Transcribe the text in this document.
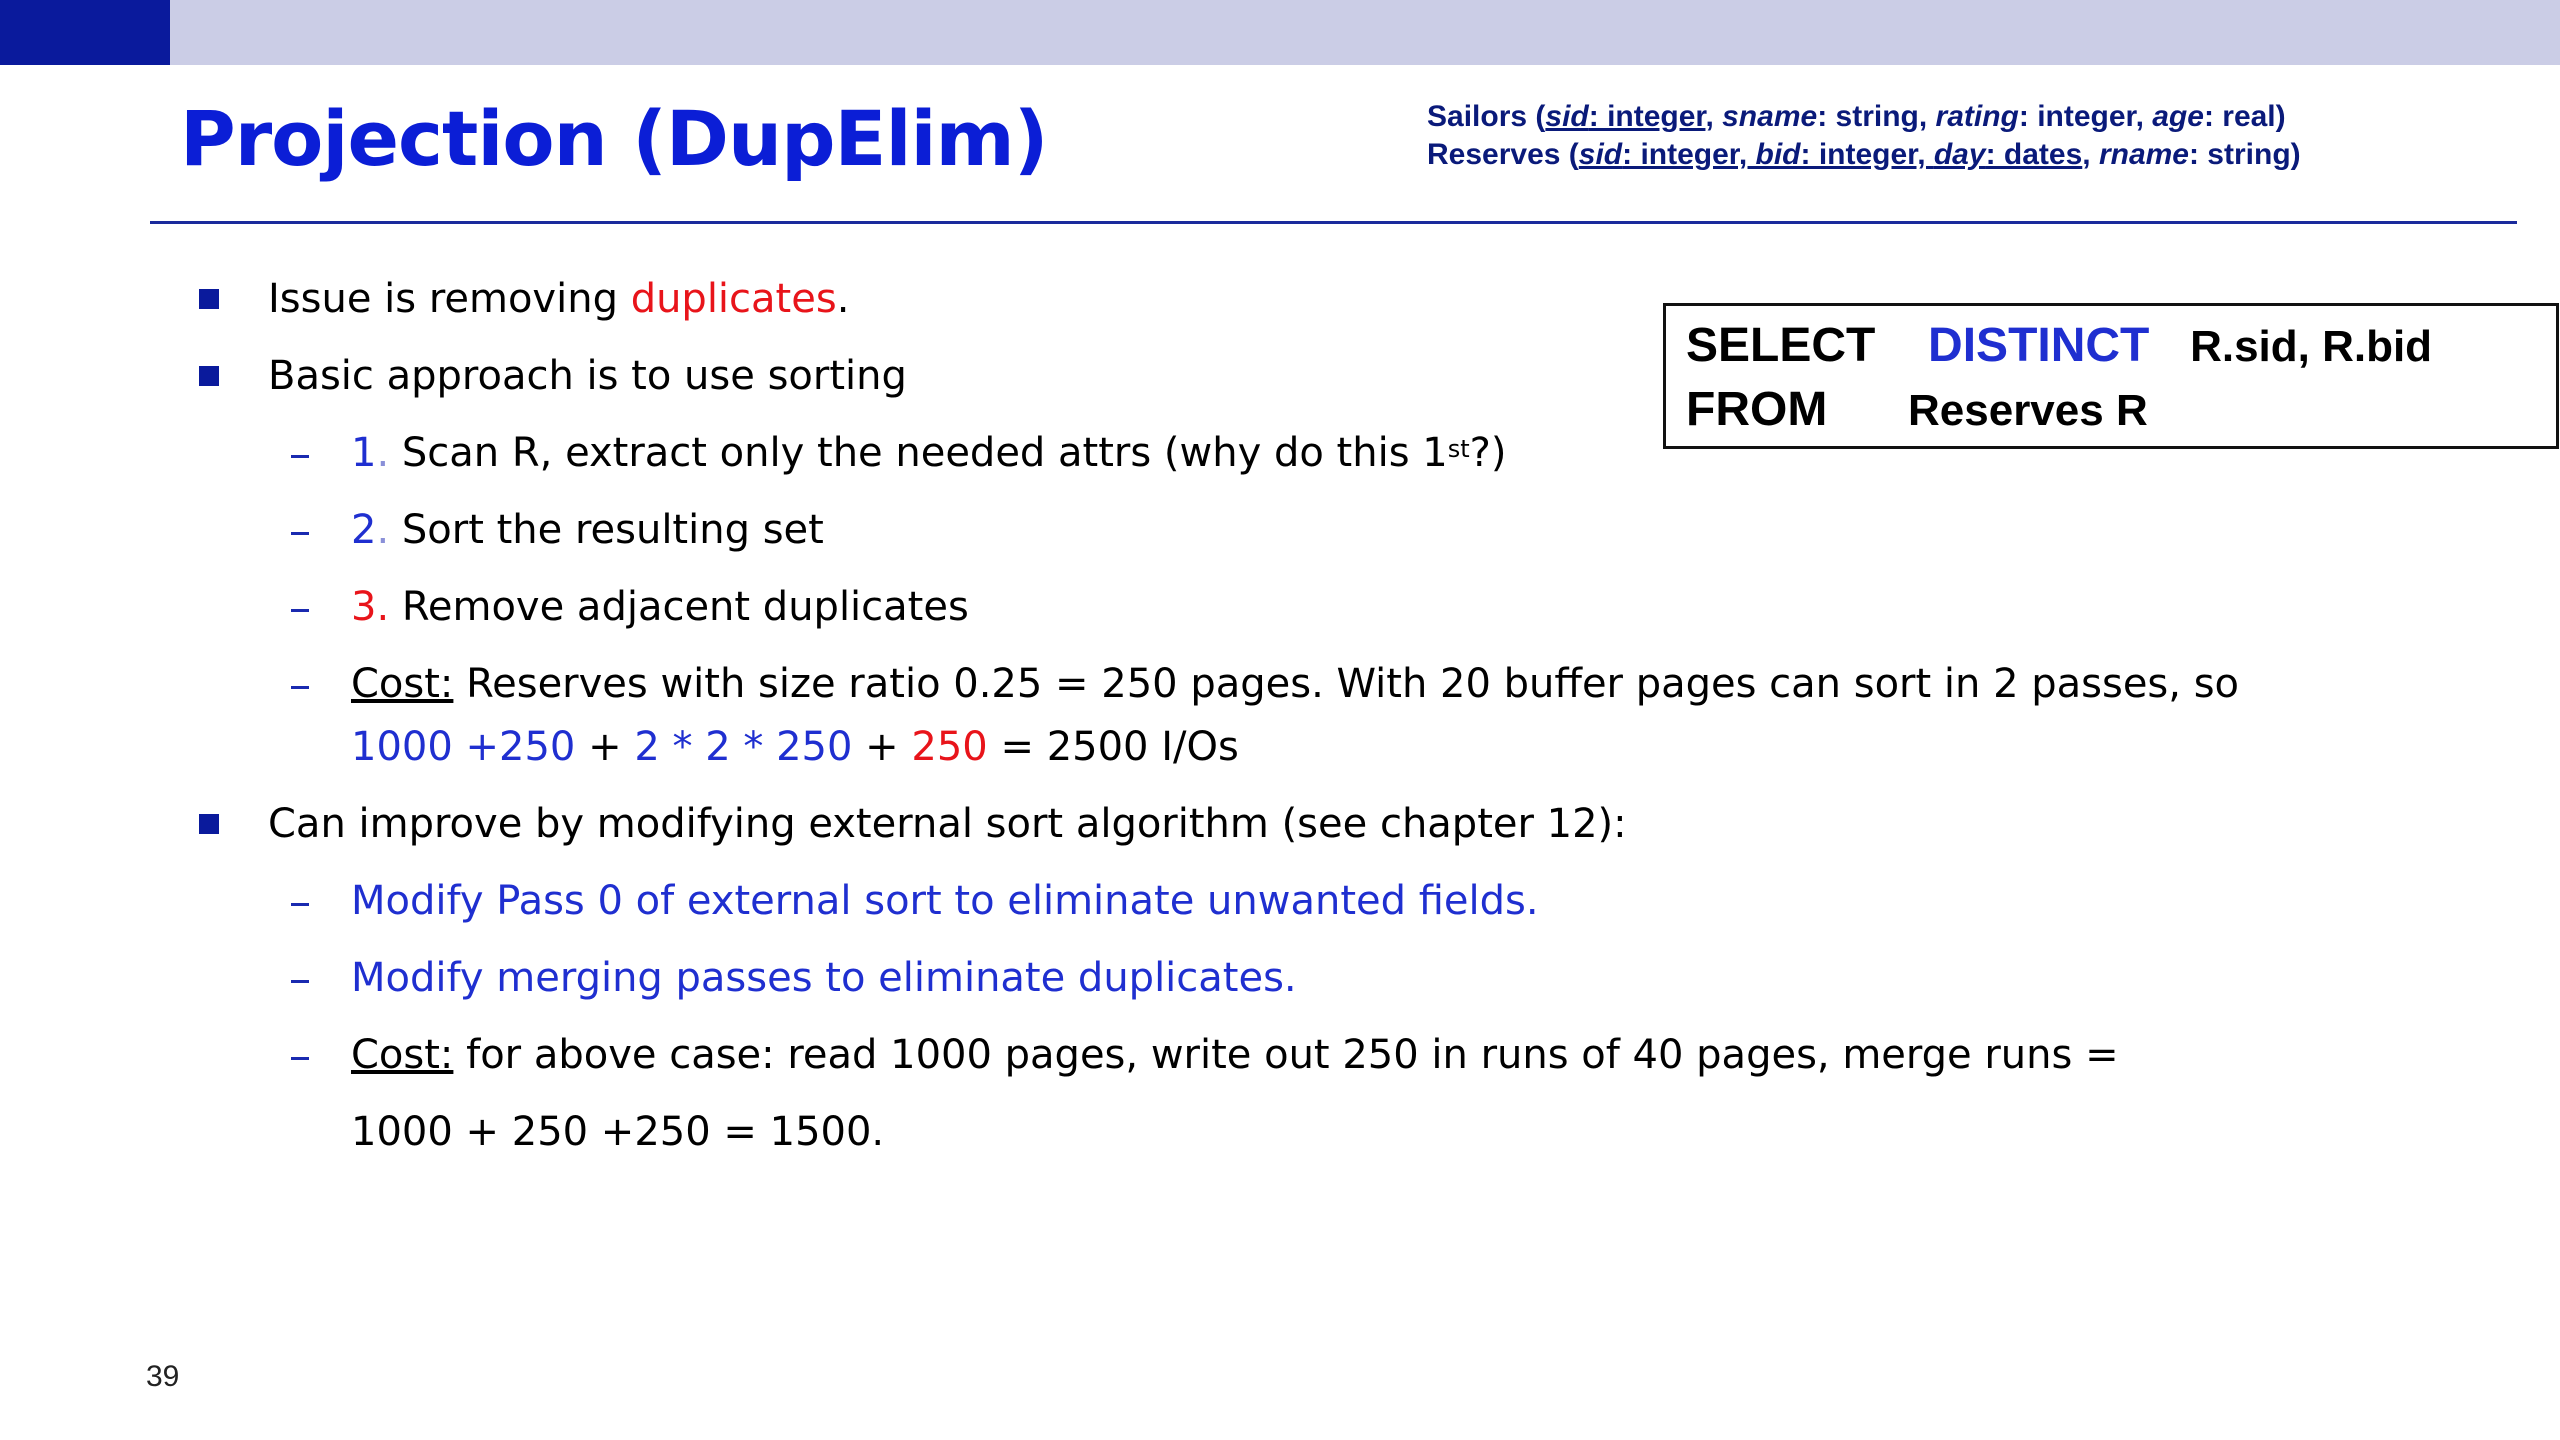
Projection (DupElim)	Sailors (sid: integer, sname: string, rating: integer, age: real)
Reserves (sid: integer, bid: integer, day: dates, rname: string)
SELECT DISTINCT R.sid, R.bid
FROM Reserves R
Issue is removing duplicates.
Basic approach is to use sorting
1. Scan R, extract only the needed attrs (why do this 1st?)
2. Sort the resulting set
3. Remove adjacent duplicates
Cost: Reserves with size ratio 0.25 = 250 pages. With 20 buffer pages can sort in 2 passes, so
1000 +250 + 2 * 2 * 250 + 250 = 2500 I/Os
Can improve by modifying external sort algorithm (see chapter 12):
Modify Pass 0 of external sort to eliminate unwanted fields.
Modify merging passes to eliminate duplicates.
Cost: for above case: read 1000 pages, write out 250 in runs of 40 pages, merge runs =
1000 + 250 +250 = 1500.
39
